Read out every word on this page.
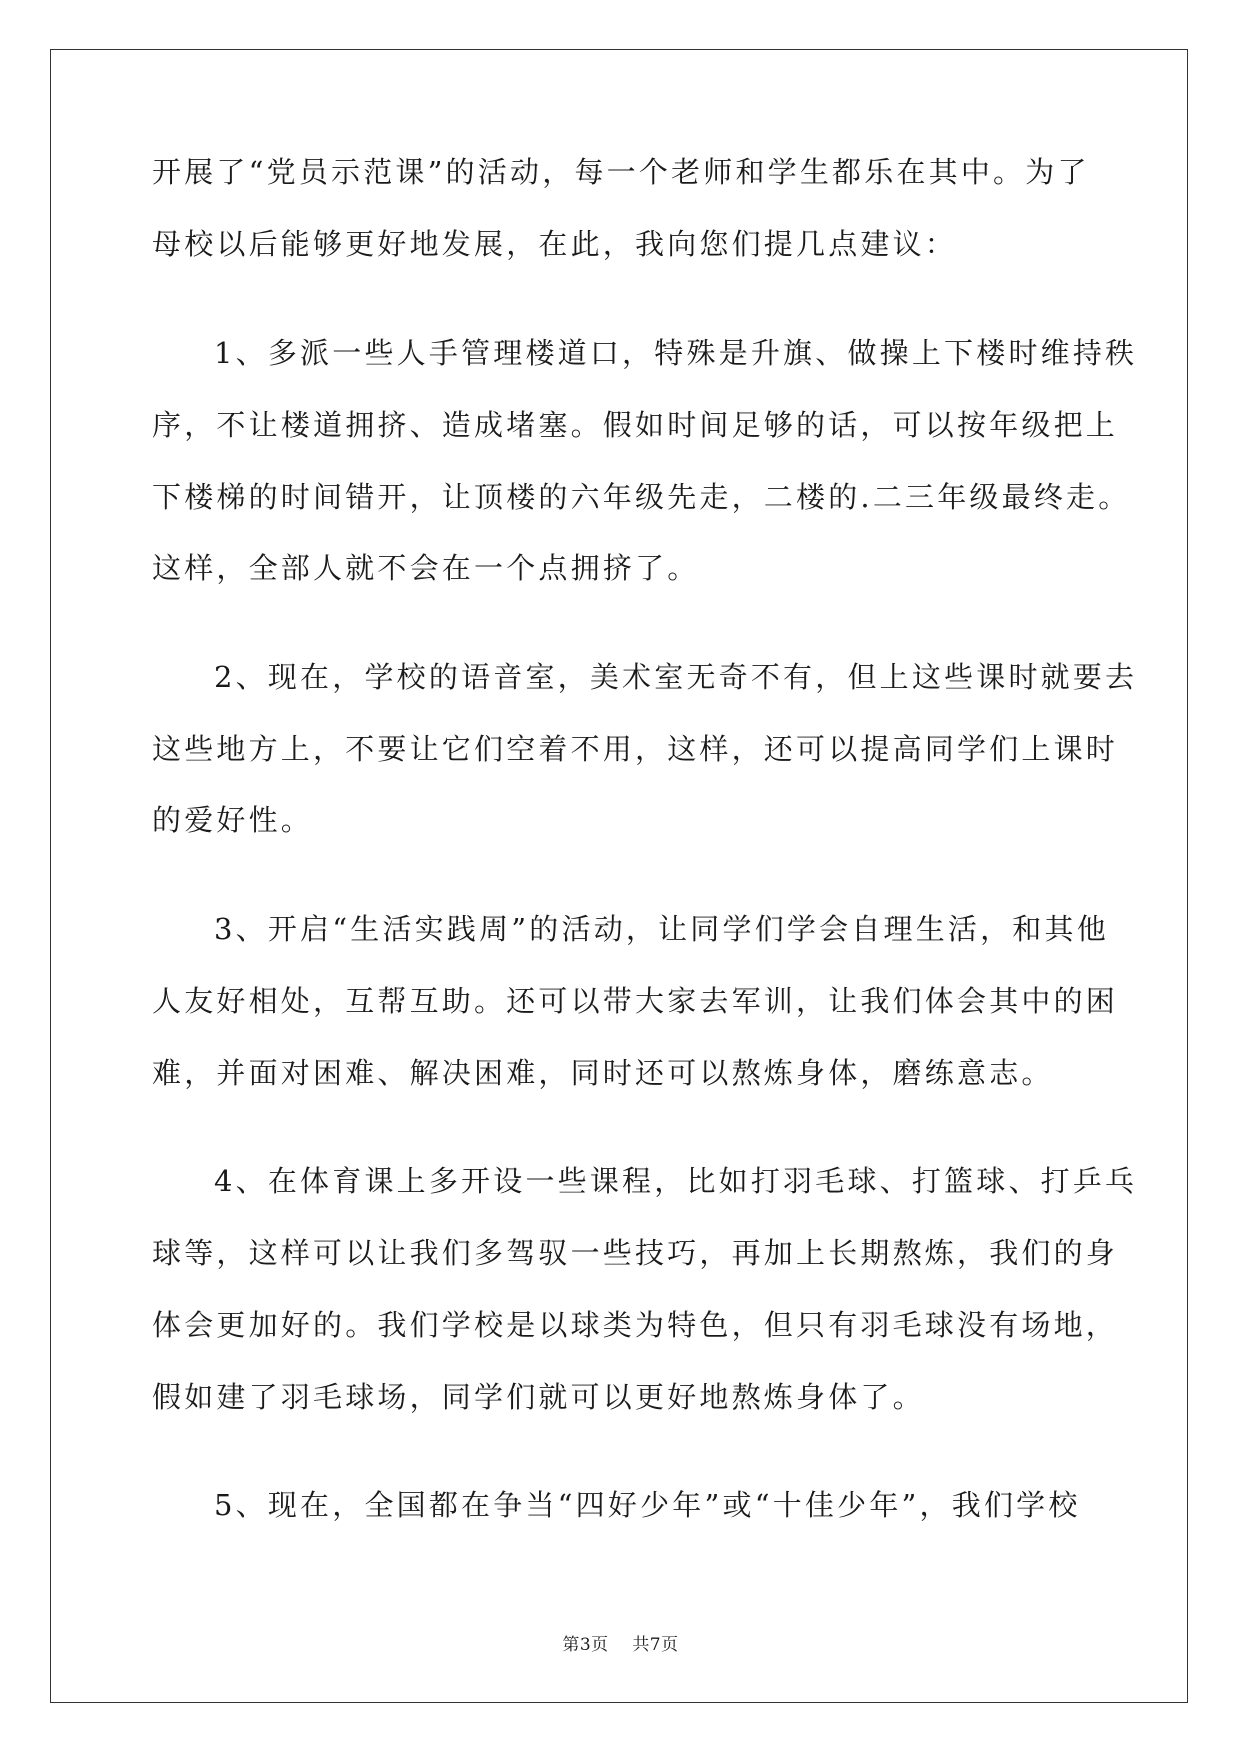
开展了“党员示范课”的活动，每一个老师和学生都乐在其中。为了
母校以后能够更好地发展，在此，我向您们提几点建议：
1、多派一些人手管理楼道口，特殊是升旗、做操上下楼时维持秩
序，不让楼道拥挤、造成堵塞。假如时间足够的话，可以按年级把上
下楼梯的时间错开，让顶楼的六年级先走，二楼的.二三年级最终走。
这样，全部人就不会在一个点拥挤了。
2、现在，学校的语音室，美术室无奇不有，但上这些课时就要去
这些地方上，不要让它们空着不用，这样，还可以提高同学们上课时
的爱好性。
3、开启“生活实践周”的活动，让同学们学会自理生活，和其他
人友好相处，互帮互助。还可以带大家去军训，让我们体会其中的困
难，并面对困难、解决困难，同时还可以熬炼身体，磨练意志。
4、在体育课上多开设一些课程，比如打羽毛球、打篮球、打乒乓
球等，这样可以让我们多驾驭一些技巧，再加上长期熬炼，我们的身
体会更加好的。我们学校是以球类为特色，但只有羽毛球没有场地，
假如建了羽毛球场，同学们就可以更好地熬炼身体了。
5、现在，全国都在争当“四好少年”或“十佳少年”，我们学校
第3页 共7页
